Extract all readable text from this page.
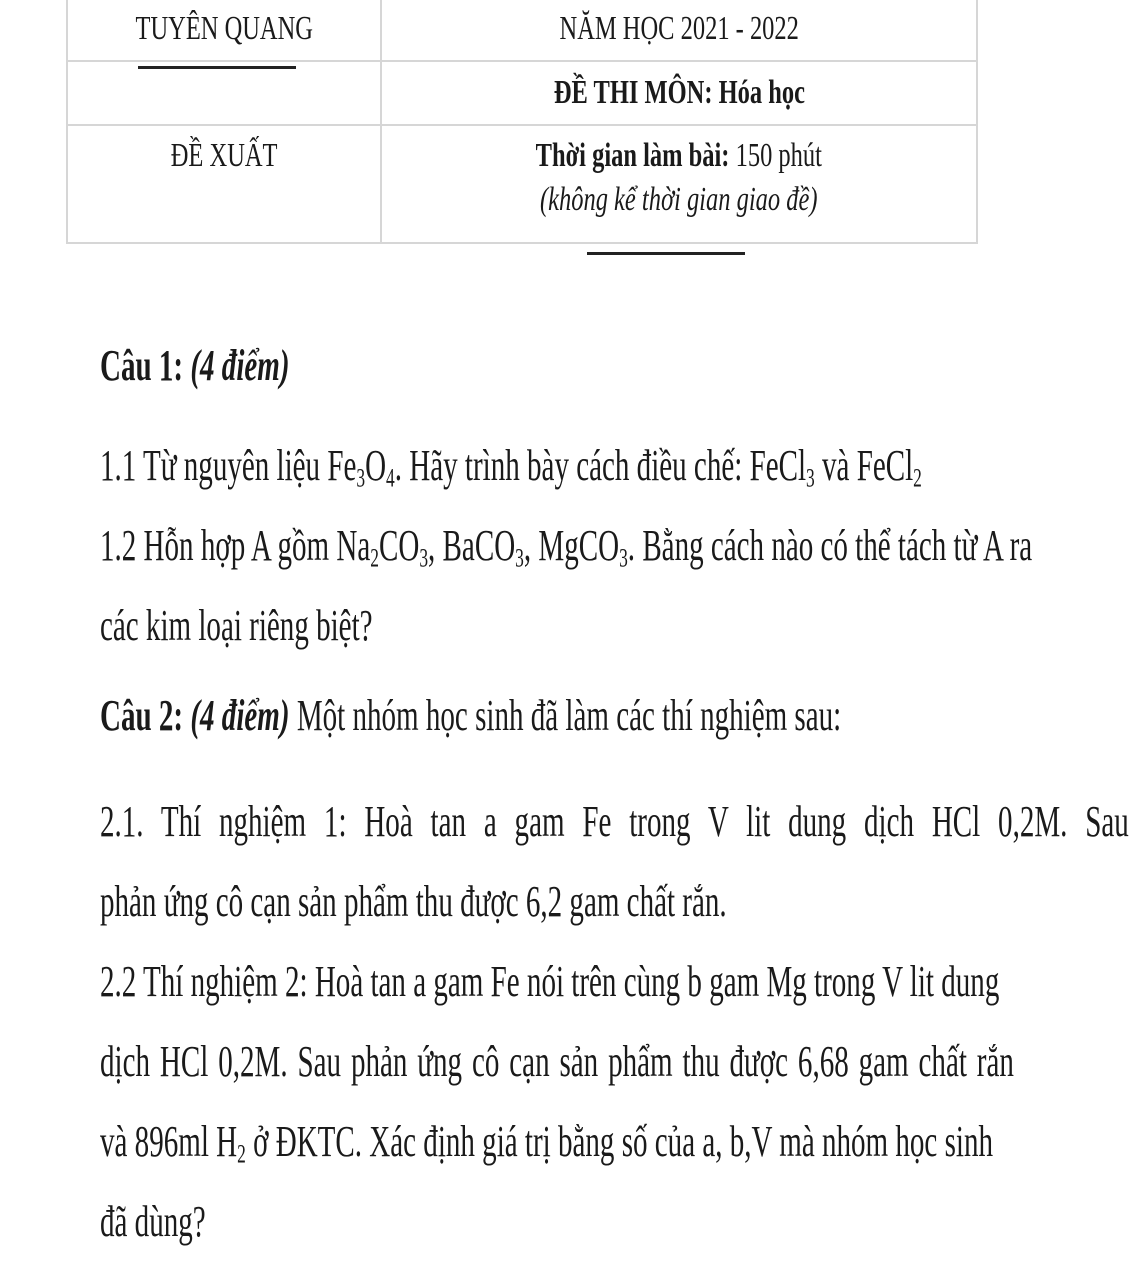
TUYÊN QUANG	NĂM HỌC 2021 - 2022
	ĐỀ THI MÔN: Hóa học
ĐỀ XUẤT	Thời gian làm bài: 150 phút
(không kể thời gian giao đề)
Câu 1: (4 điểm)
1.1 Từ nguyên liệu $Fe_3O_4$. Hãy trình bày cách điều chế: FeCl$_3$ và FeCl$_2$
1.2 Hỗn hợp A gồm $Na_2CO_3$, BaCO$_3$, MgCO$_3$. Bằng cách nào có thể tách từ A ra
các kim loại riêng biệt?
Câu 2: (4 điểm) Một nhóm học sinh đã làm các thí nghiệm sau:
2.1. Thí nghiệm 1: Hoà tan a gam Fe trong V lit dung dịch HCl 0,2M. Sau
phản ứng cô cạn sản phẩm thu được 6,2 gam chất rắn.
2.2 Thí nghiệm 2: Hoà tan a gam Fe nói trên cùng b gam Mg trong V lit dung
dịch HCl 0,2M. Sau phản ứng cô cạn sản phẩm thu được 6,68 gam chất rắn
và 896ml $H_2$ ở ĐKTC. Xác định giá trị bằng số của a, b,V mà nhóm học sinh
đã dùng?
